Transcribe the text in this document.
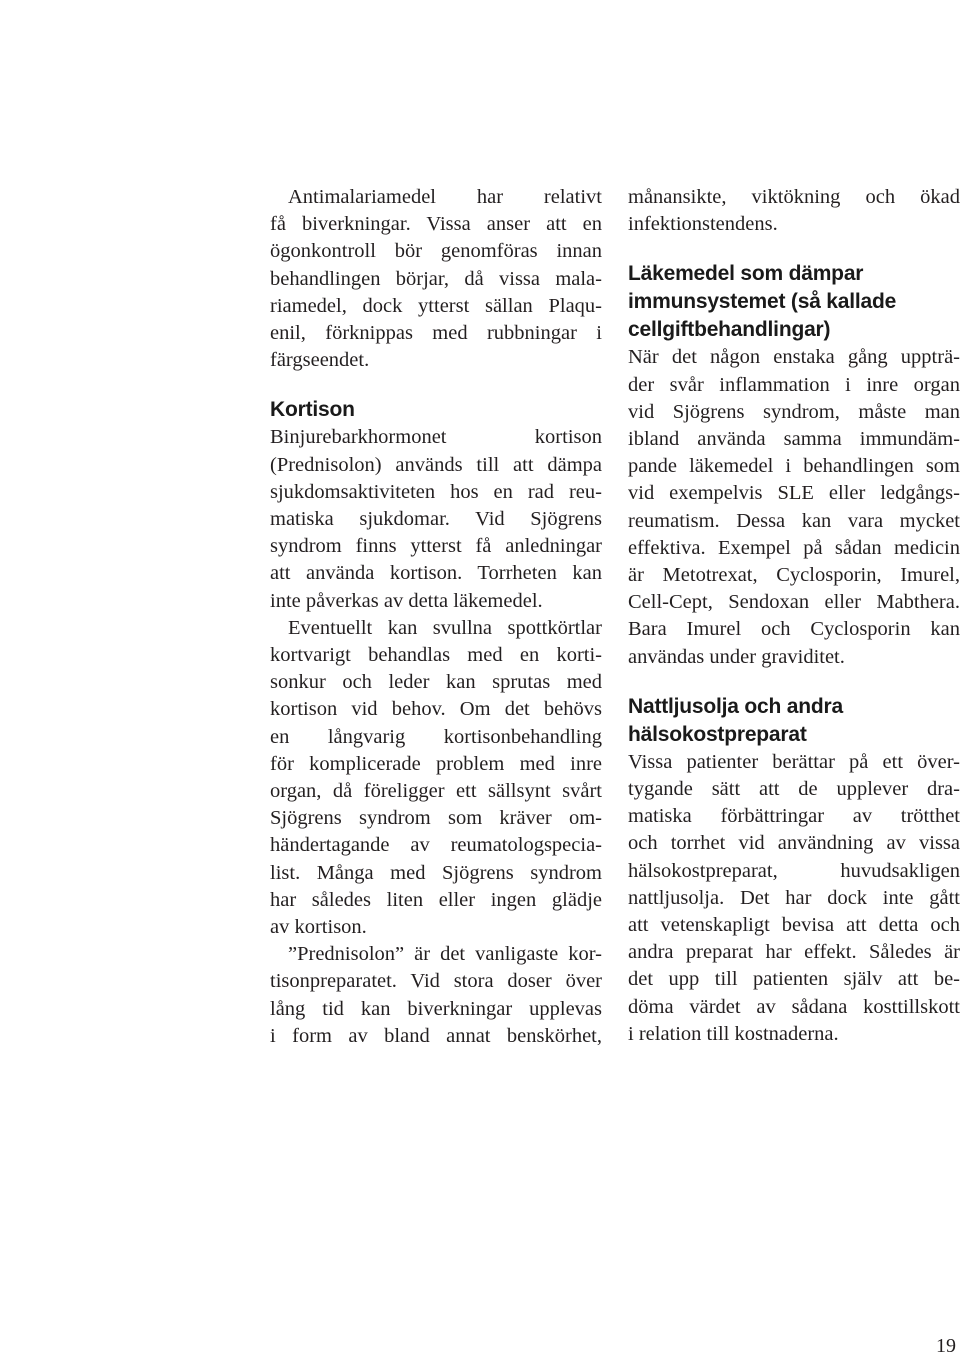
Antimalariamedel har relativt
få biverkningar. Vissa anser att en
ögonkontroll bör genomföras innan
behandlingen börjar, då vissa mala-
riamedel, dock ytterst sällan Plaqu-
enil, förknippas med rubbningar i
färgseendet.
Kortison
Binjurebarkhormonet kortison
(Prednisolon) används till att dämpa
sjukdomsaktiviteten hos en rad reu-
matiska sjukdomar. Vid Sjögrens
syndrom finns ytterst få anledningar
att använda kortison. Torrheten kan
inte påverkas av detta läkemedel.
Eventuellt kan svullna spottkörtlar
kortvarigt behandlas med en korti-
sonkur och leder kan sprutas med
kortison vid behov. Om det behövs
en långvarig kortisonbehandling
för komplicerade problem med inre
organ, då föreligger ett sällsynt svårt
Sjögrens syndrom som kräver om-
händertagande av reumatologspecia-
list. Många med Sjögrens syndrom
har således liten eller ingen glädje
av kortison.
”Prednisolon” är det vanligaste kor-
tisonpreparatet. Vid stora doser över
lång tid kan biverkningar upplevas
i form av bland annat benskörhet,
månansikte, viktökning och ökad
infektionstendens.
Läkemedel som dämpar
immunsystemet (så kallade
cellgiftbehandlingar)
När det någon enstaka gång uppträ-
der svår inflammation i inre organ
vid Sjögrens syndrom, måste man
ibland använda samma immundäm-
pande läkemedel i behandlingen som
vid exempelvis SLE eller ledgångs-
reumatism. Dessa kan vara mycket
effektiva. Exempel på sådan medicin
är Metotrexat, Cyclosporin, Imurel,
Cell-Cept, Sendoxan eller Mabthera.
Bara Imurel och Cyclosporin kan
användas under graviditet.
Nattljusolja och andra
hälsokostpreparat
Vissa patienter berättar på ett över-
tygande sätt att de upplever dra-
matiska förbättringar av trötthet
och torrhet vid användning av vissa
hälsokostpreparat, huvudsakligen
nattljusolja. Det har dock inte gått
att vetenskapligt bevisa att detta och
andra preparat har effekt. Således är
det upp till patienten själv att be-
döma värdet av sådana kosttillskott
i relation till kostnaderna.
19
